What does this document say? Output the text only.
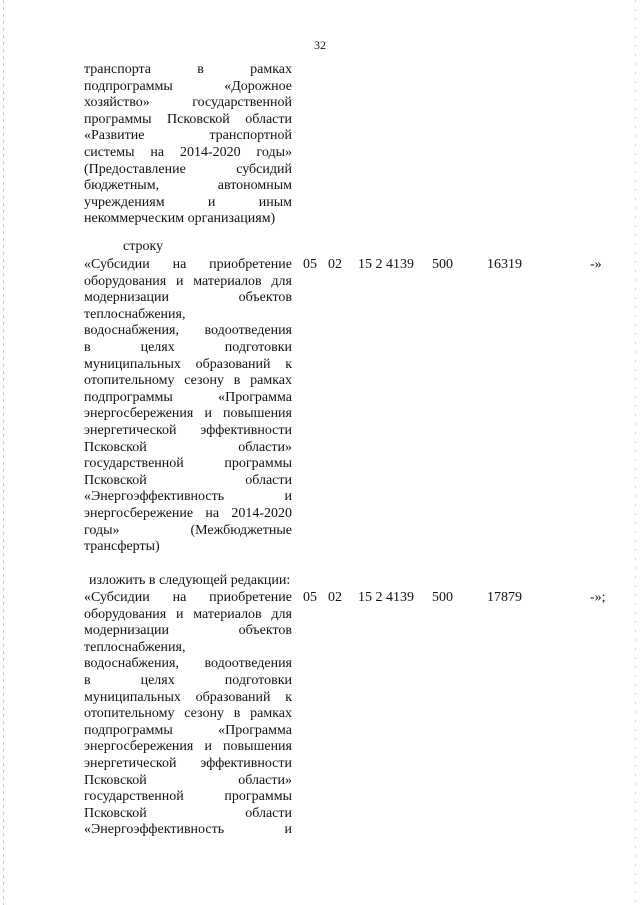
32
транспорта в рамках
подпрограммы «Дорожное
хозяйство» государственной
программы Псковской области
«Развитие транспортной
системы на 2014-2020 годы»
(Предоставление субсидий
бюджетным, автономным
учреждениям и иным
некоммерческим организациям)
строку
«Субсидии на приобретение
оборудования и материалов для
модернизации объектов
теплоснабжения,
водоснабжения, водоотведения
в целях подготовки
муниципальных образований к
отопительному сезону в рамках
подпрограммы «Программа
энергосбережения и повышения
энергетической эффективности
Псковской области»
государственной программы
Псковской области
«Энергоэффективность и
энергосбережение на 2014-2020
годы» (Межбюджетные
трансферты)
05 02 15 2 4139 500 16319	-»
изложить в следующей редакции:
«Субсидии на приобретение
оборудования и материалов для
модернизации объектов
теплоснабжения,
водоснабжения, водоотведения
в целях подготовки
муниципальных образований к
отопительному сезону в рамках
подпрограммы «Программа
энергосбережения и повышения
энергетической эффективности
Псковской области»
государственной программы
Псковской области
«Энергоэффективность и
05 02 15 2 4139 500 17879	-»;
